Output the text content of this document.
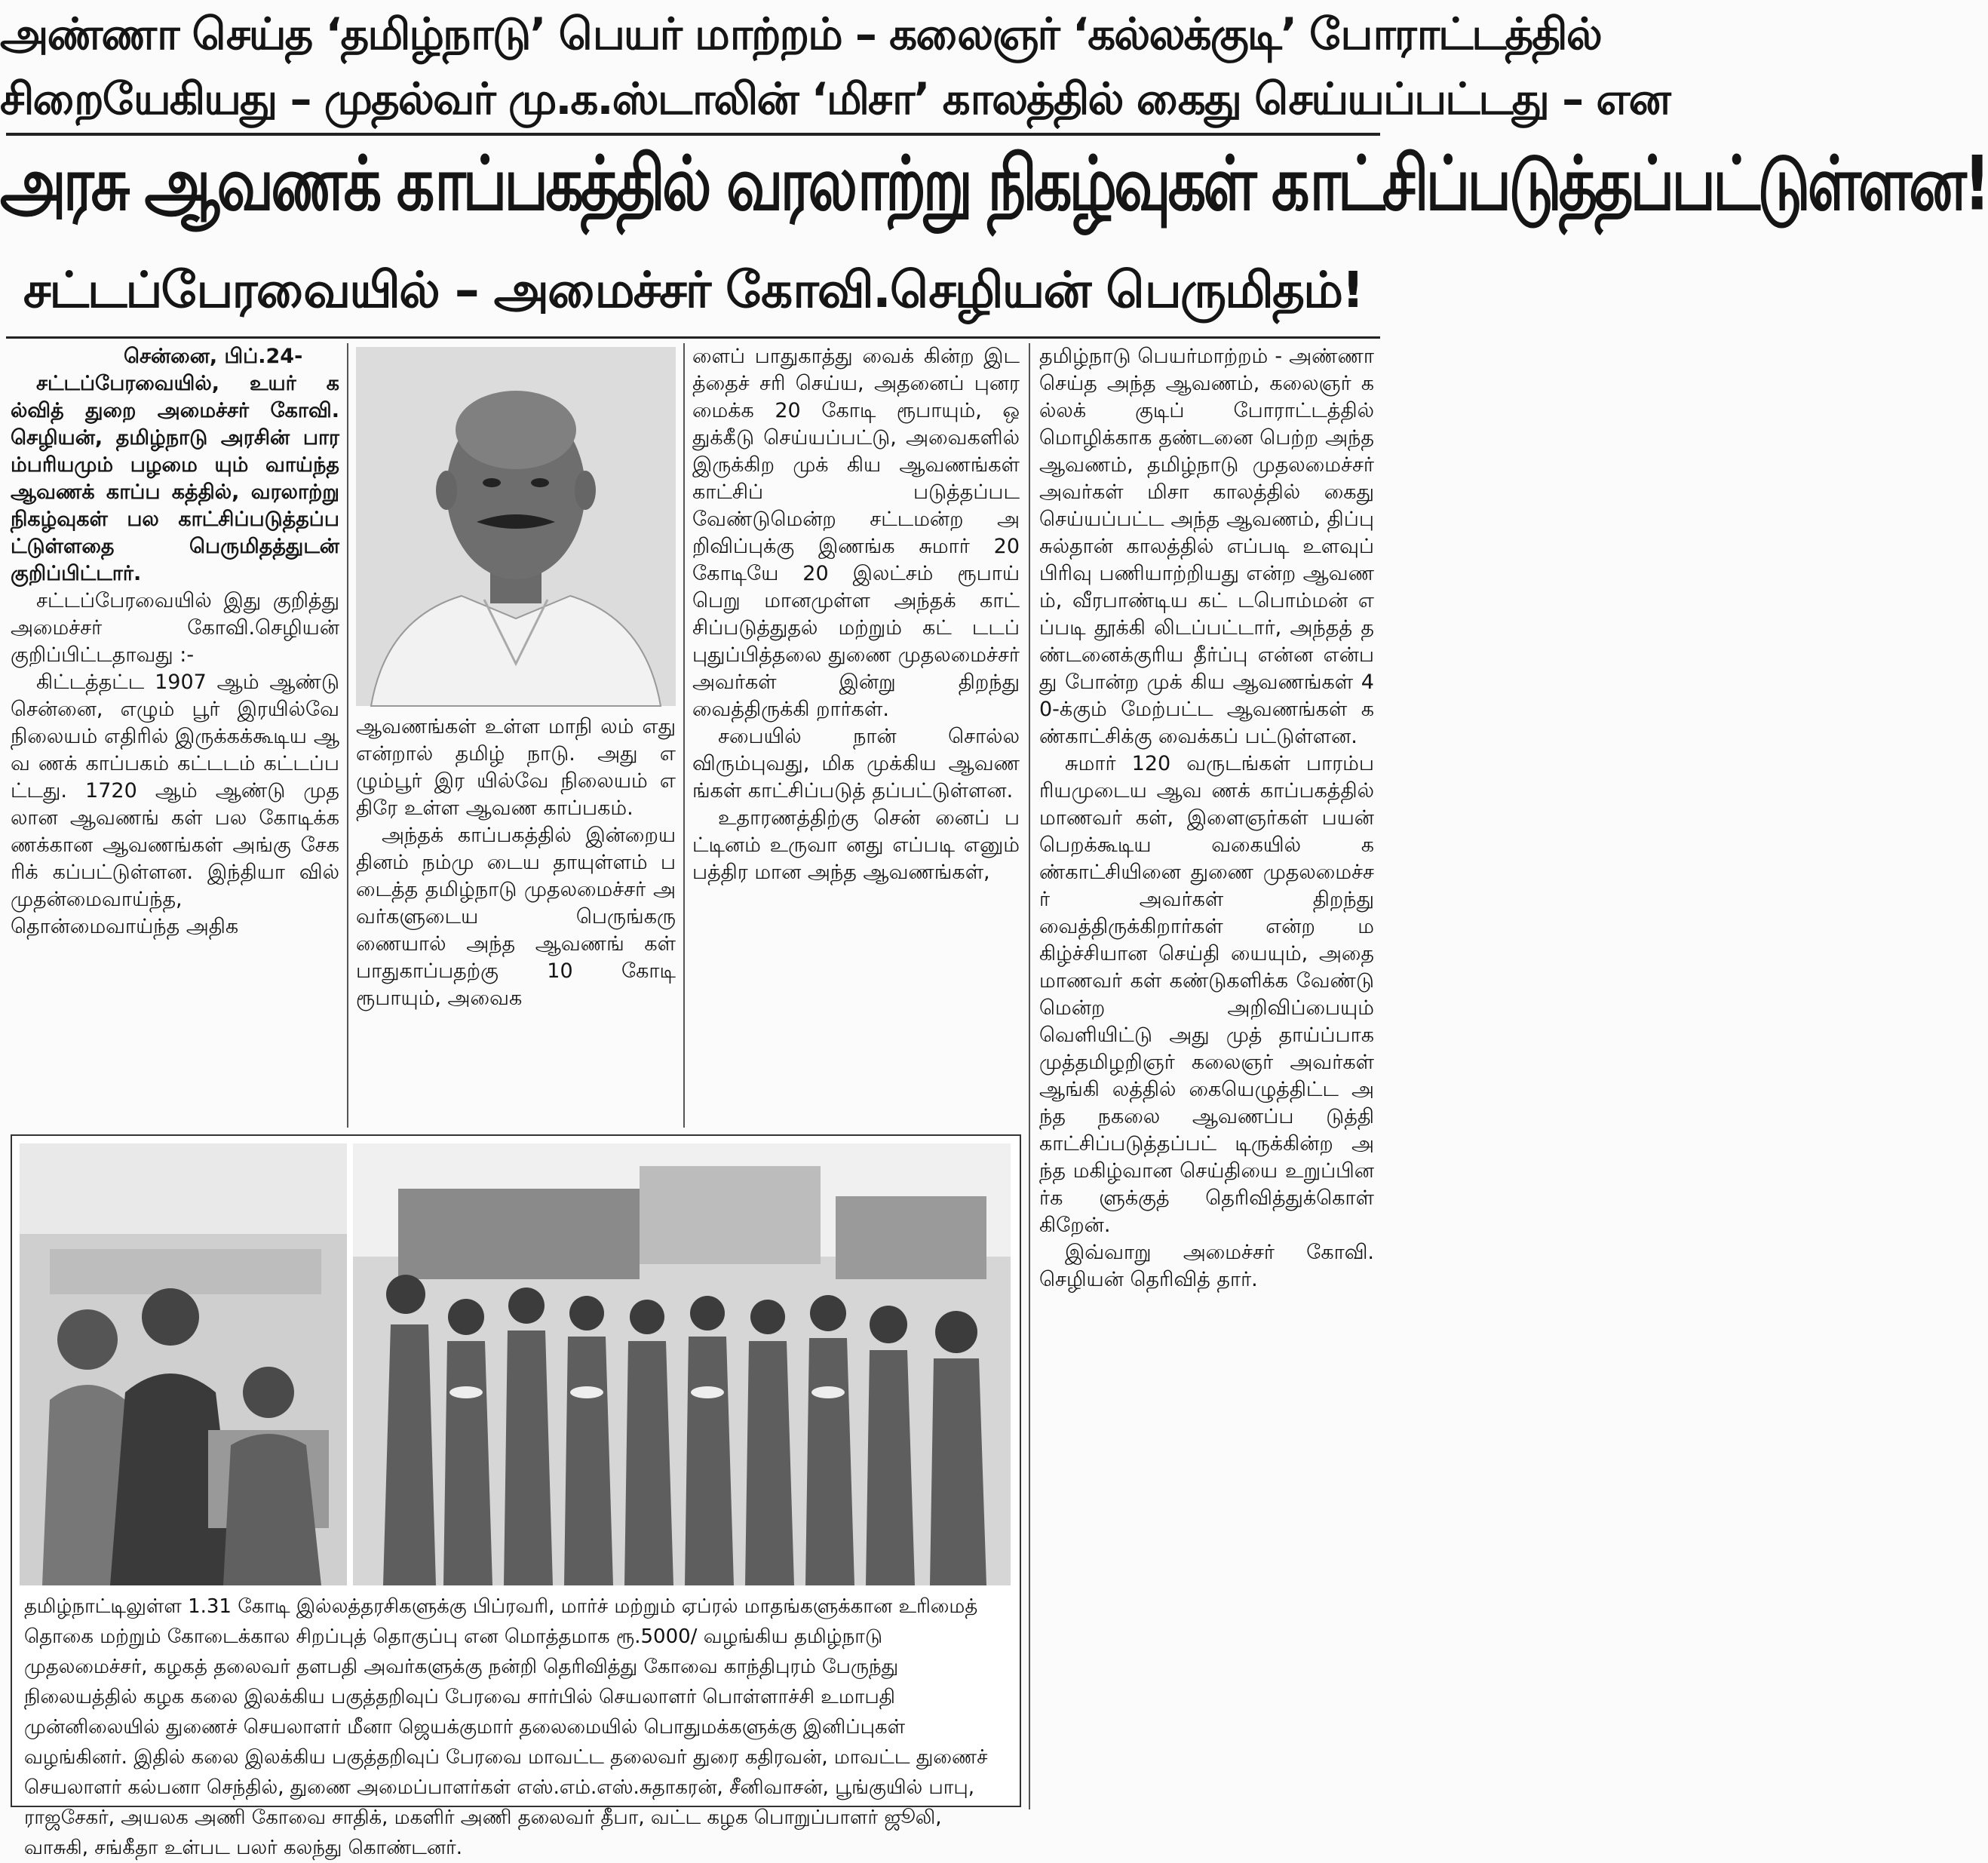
அண்ணா செய்த ‘தமிழ்நாடு’ பெயர் மாற்றம் – கலைஞர் ‘கல்லக்குடி’ போராட்டத்தில்
சிறையேகியது – முதல்வர் மு.க.ஸ்டாலின் ‘மிசா’ காலத்தில் கைது செய்யப்பட்டது – என
அரசு ஆவணக் காப்பகத்தில் வரலாற்று நிகழ்வுகள் காட்சிப்படுத்தப்பட்டுள்ளன!
சட்டப்பேரவையில் – அமைச்சர் கோவி.செழியன் பெருமிதம்!

சென்னை, பிப்.24-

சட்டப்பேரவையில், உயர் கல்வித் துறை அமைச்சர் கோவி.செழியன், தமிழ்நாடு அரசின் பாரம்பரியமும் பழமை யும் வாய்ந்த ஆவணக் காப்ப கத்தில், வரலாற்று நிகழ்வுகள் பல காட்சிப்படுத்தப்பட்டுள்ளதை பெருமிதத்துடன் குறிப்பிட்டார்.

சட்டப்பேரவையில் இது குறித்து அமைச்சர் கோவி.செழியன் குறிப்பிட்டதாவது :-

கிட்டத்தட்ட 1907 ஆம் ஆண்டு சென்னை, எழும் பூர் இரயில்வே நிலையம் எதிரில் இருக்கக்கூடிய ஆவ ணக் காப்பகம் கட்டடம் கட்டப்பட்டது. 1720 ஆம் ஆண்டு முதலான ஆவணங் கள் பல கோடிக்கணக்கான ஆவணங்கள் அங்கு சேகரிக் கப்பட்டுள்ளன. இந்தியா வில் முதன்மைவாய்ந்த, தொன்மைவாய்ந்த அதிக

ஆவணங்கள் உள்ள மாநி லம் எது என்றால் தமிழ் நாடு. அது எழும்பூர் இர யில்வே நிலையம் எதிரே உள்ள ஆவண காப்பகம்.

அந்தக் காப்பகத்தில் இன்றையதினம் நம்மு டைய தாயுள்ளம் படைத்த தமிழ்நாடு முதலமைச்சர் அவர்களுடைய பெருங்கரு ணையால் அந்த ஆவணங் கள் பாதுகாப்பதற்கு 10 கோடி ரூபாயும், அவைக

ளைப் பாதுகாத்து வைக் கின்ற இடத்தைச் சரி செய்ய, அதனைப் புனர மைக்க 20 கோடி ரூபாயும், ஒதுக்கீடு செய்யப்பட்டு, அவைகளில் இருக்கிற முக் கிய ஆவணங்கள் காட்சிப் படுத்தப்பட வேண்டுமென்ற சட்டமன்ற அறிவிப்புக்கு இணங்க சுமார் 20 கோடியே 20 இலட்சம் ரூபாய் பெறு மானமுள்ள அந்தக் காட் சிப்படுத்துதல் மற்றும் கட் டடப் புதுப்பித்தலை துணை முதலமைச்சர் அவர்கள் இன்று திறந்து வைத்திருக்கி றார்கள்.

சபையில் நான் சொல்ல விரும்புவது, மிக முக்கிய ஆவணங்கள் காட்சிப்படுத் தப்பட்டுள்ளன.

உதாரணத்திற்கு சென் னைப் பட்டினம் உருவா னது எப்படி எனும் பத்திர மான அந்த ஆவணங்கள்,

தமிழ்நாடு பெயர்மாற்றம் - அண்ணா செய்த அந்த ஆவணம், கலைஞர் கல்லக் குடிப் போராட்டத்தில் மொழிக்காக தண்டனை பெற்ற அந்த ஆவணம், தமிழ்நாடு முதலமைச்சர் அவர்கள் மிசா காலத்தில் கைது செய்யப்பட்ட அந்த ஆவணம், திப்பு சுல்தான் காலத்தில் எப்படி உளவுப் பிரிவு பணியாற்றியது என்ற ஆவணம், வீரபாண்டிய கட் டபொம்மன் எப்படி தூக்கி லிடப்பட்டார், அந்தத் தண்டனைக்குரிய தீர்ப்பு என்ன என்பது போன்ற முக் கிய ஆவணங்கள் 40-க்கும் மேற்பட்ட ஆவணங்கள் கண்காட்சிக்கு வைக்கப் பட்டுள்ளன.

சுமார் 120 வருடங்கள் பாரம்பரியமுடைய ஆவ ணக் காப்பகத்தில் மாணவர் கள், இளைஞர்கள் பயன் பெறக்கூடிய வகையில் கண்காட்சியினை துணை முதலமைச்சர் அவர்கள் திறந்து வைத்திருக்கிறார்கள் என்ற மகிழ்ச்சியான செய்தி யையும், அதை மாணவர் கள் கண்டுகளிக்க வேண்டு மென்ற அறிவிப்பையும் வெளியிட்டு அது முத் தாய்ப்பாக முத்தமிழறிஞர் கலைஞர் அவர்கள் ஆங்கி லத்தில் கையெழுத்திட்ட அந்த நகலை ஆவணப்ப டுத்தி காட்சிப்படுத்தப்பட் டிருக்கின்ற அந்த மகிழ்வான செய்தியை உறுப்பினர்க ளுக்குத் தெரிவித்துக்கொள் கிறேன்.

இவ்வாறு அமைச்சர் கோவி.செழியன் தெரிவித் தார்.

தமிழ்நாட்டிலுள்ள 1.31 கோடி இல்லத்தரசிகளுக்கு பிப்ரவரி, மார்ச் மற்றும் ஏப்ரல் மாதங்களுக்கான உரிமைத் தொகை மற்றும் கோடைக்கால சிறப்புத் தொகுப்பு என மொத்தமாக ரூ.5000/ வழங்கிய தமிழ்நாடு முதலமைச்சர், கழகத் தலைவர் தளபதி அவர்களுக்கு நன்றி தெரிவித்து கோவை காந்திபுரம் பேருந்து நிலையத்தில் கழக கலை இலக்கிய பகுத்தறிவுப் பேரவை சார்பில் செயலாளர் பொள்ளாச்சி உமாபதி முன்னிலையில் துணைச் செயலாளர் மீனா ஜெயக்குமார் தலைமையில் பொதுமக்களுக்கு இனிப்புகள் வழங்கினர். இதில் கலை இலக்கிய பகுத்தறிவுப் பேரவை மாவட்ட தலைவர் துரை கதிரவன், மாவட்ட துணைச் செயலாளர் கல்பனா செந்தில், துணை அமைப்பாளர்கள் எஸ்.எம்.எஸ்.சுதாகரன், சீனிவாசன், பூங்குயில் பாபு, ராஜசேகர், அயலக அணி கோவை சாதிக், மகளிர் அணி தலைவர் தீபா, வட்ட கழக பொறுப்பாளர் ஜூலி, வாசுகி, சங்கீதா உள்பட பலர் கலந்து கொண்டனர்.
